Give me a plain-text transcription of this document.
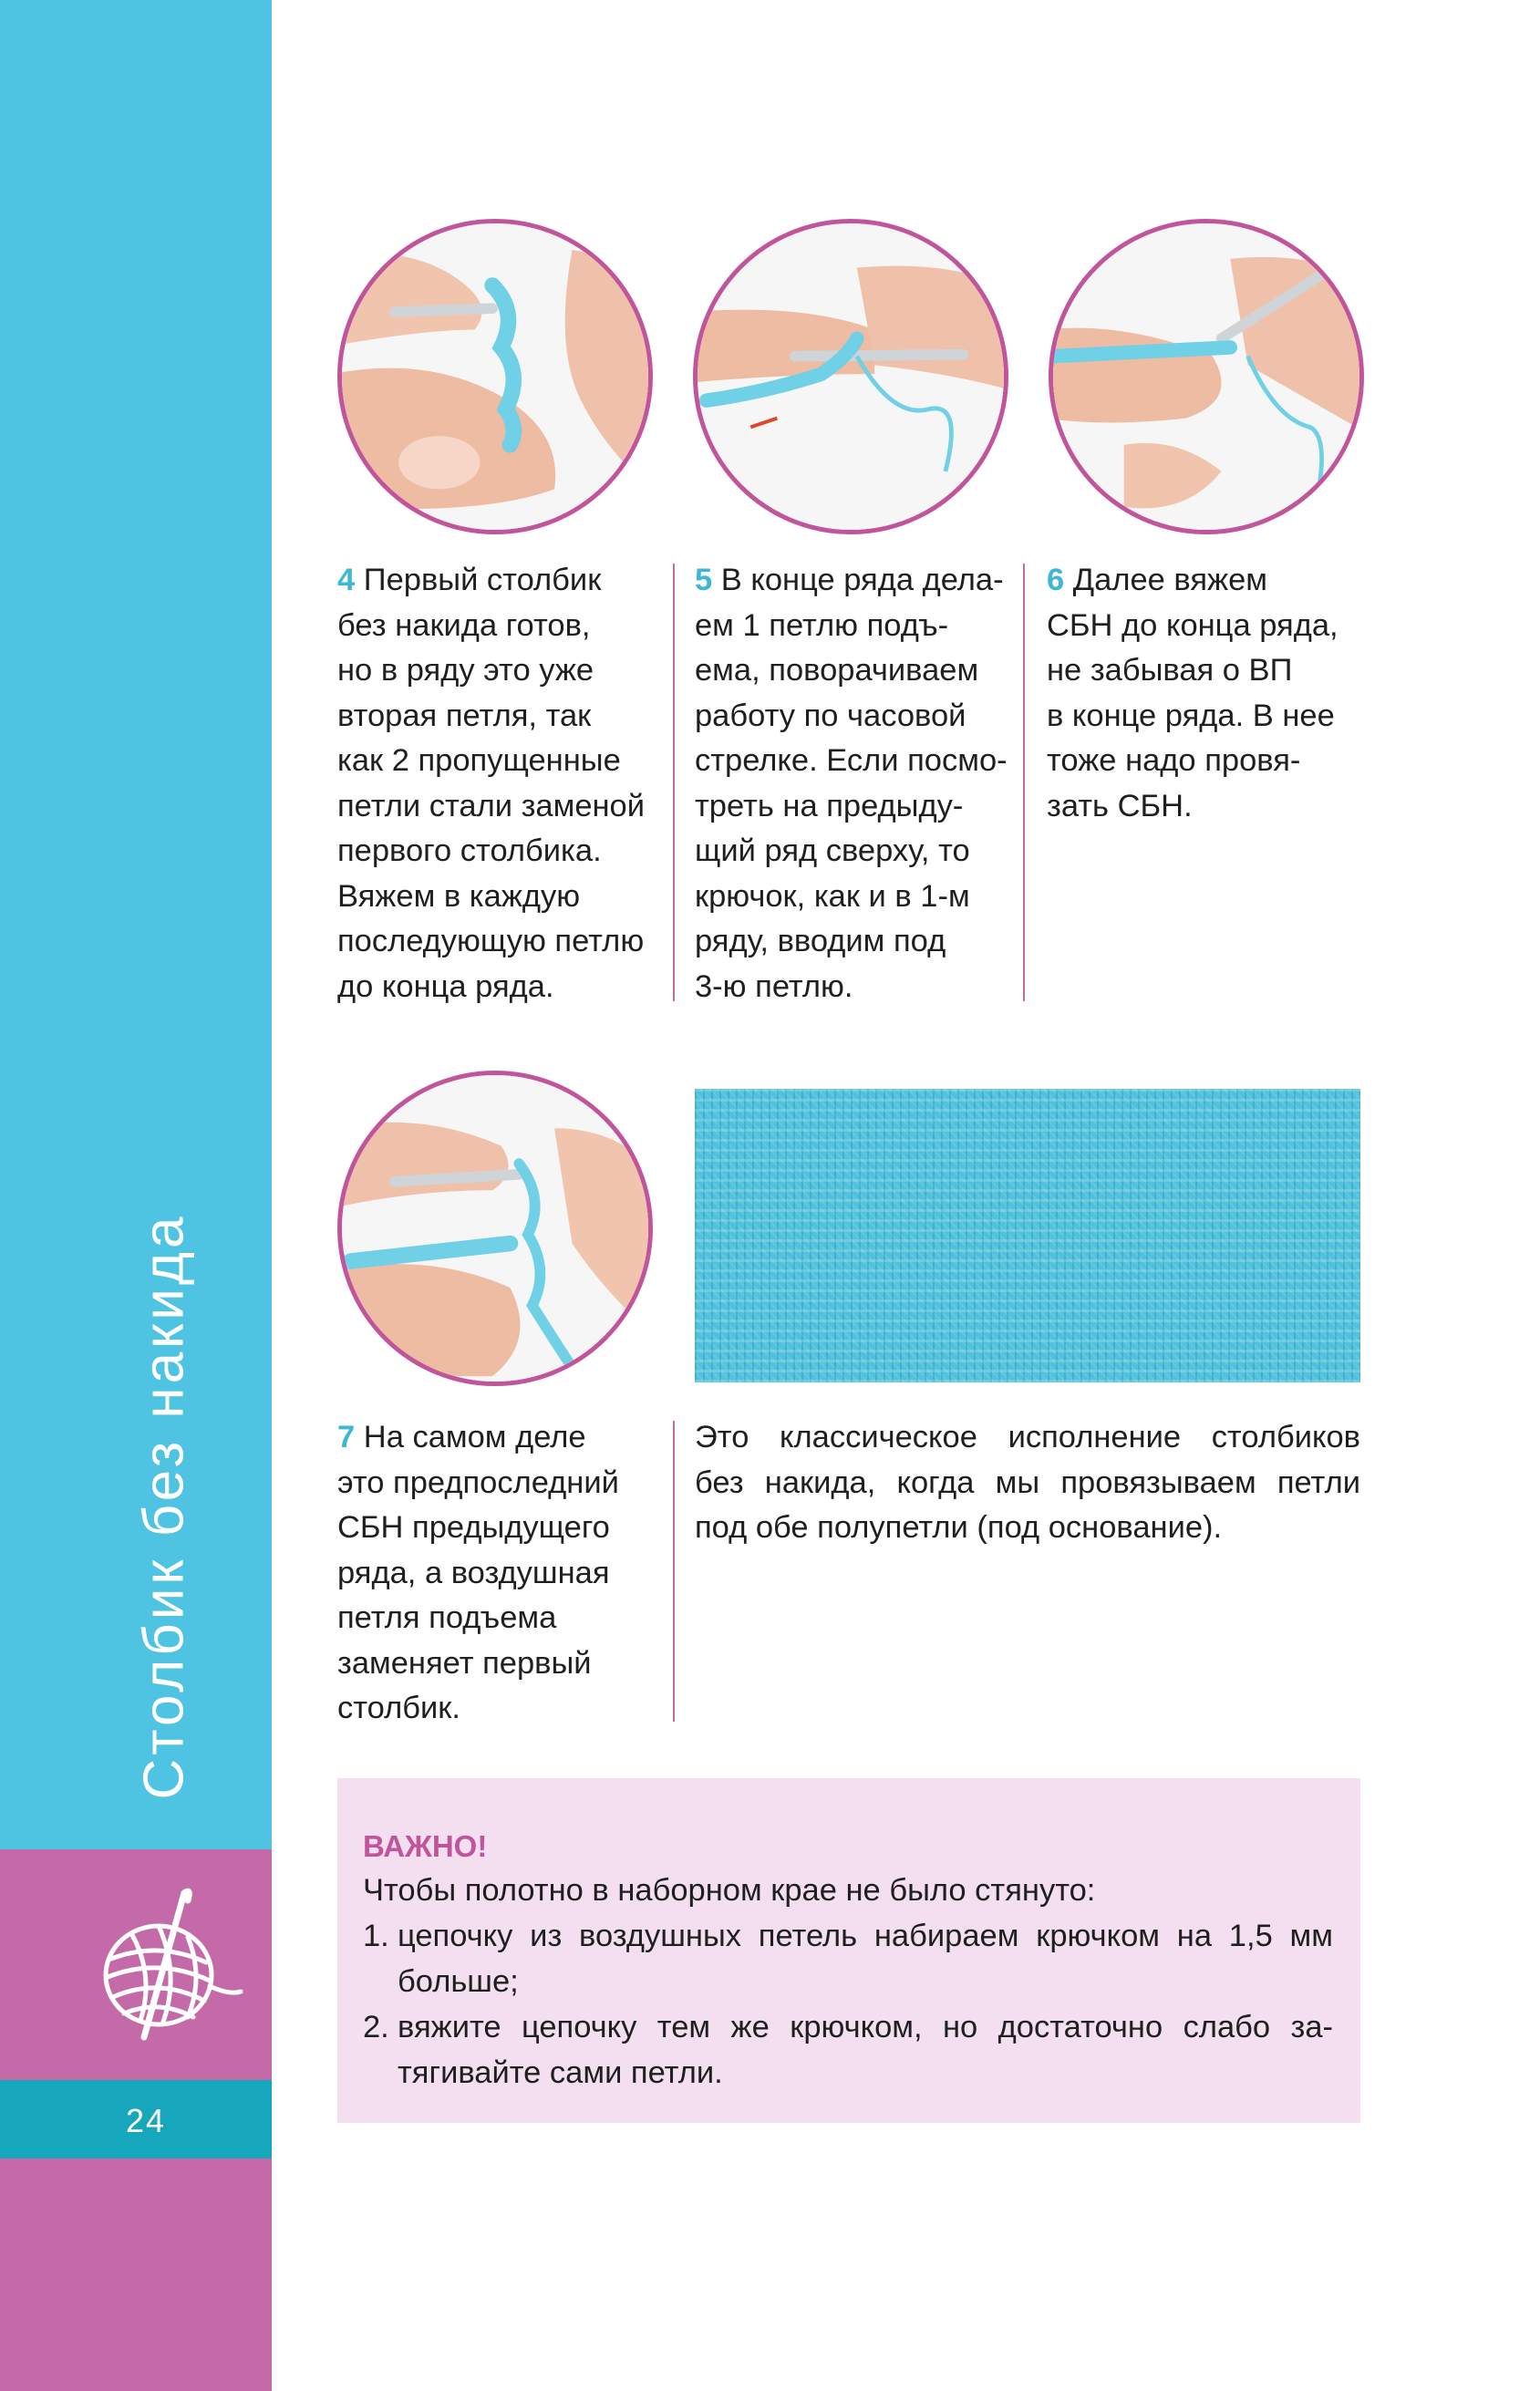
Столбик без накида
24

4 Первый столбик

без накида готов,

но в ряду это уже

вторая петля, так

как 2 пропущенные

петли стали заменой

первого столбика.

Вяжем в каждую

последующую петлю

до конца ряда.

5 В конце ряда дела-

ем 1 петлю подъ-

ема, поворачиваем

работу по часовой

стрелке. Если посмо-

треть на предыду-

щий ряд сверху, то

крючок, как и в 1-м

ряду, вводим под

3-ю петлю.

6 Далее вяжем

СБН до конца ряда,

не забывая о ВП

в конце ряда. В нее

тоже надо провя-

зать СБН.

7 На самом деле

это предпоследний

СБН предыдущего

ряда, а воздушная

петля подъема

заменяет первый

столбик.

Это классическое исполнение столбиков

без накида, когда мы провязываем петли

под обе полупетли (под основание).

ВАЖНО!
Чтобы полотно в наборном крае не было стянуто:
1. цепочку из воздушных петель набираем крючком на 1,5 мм
больше;
2. вяжите цепочку тем же крючком, но достаточно слабо за-
тягивайте сами петли.
